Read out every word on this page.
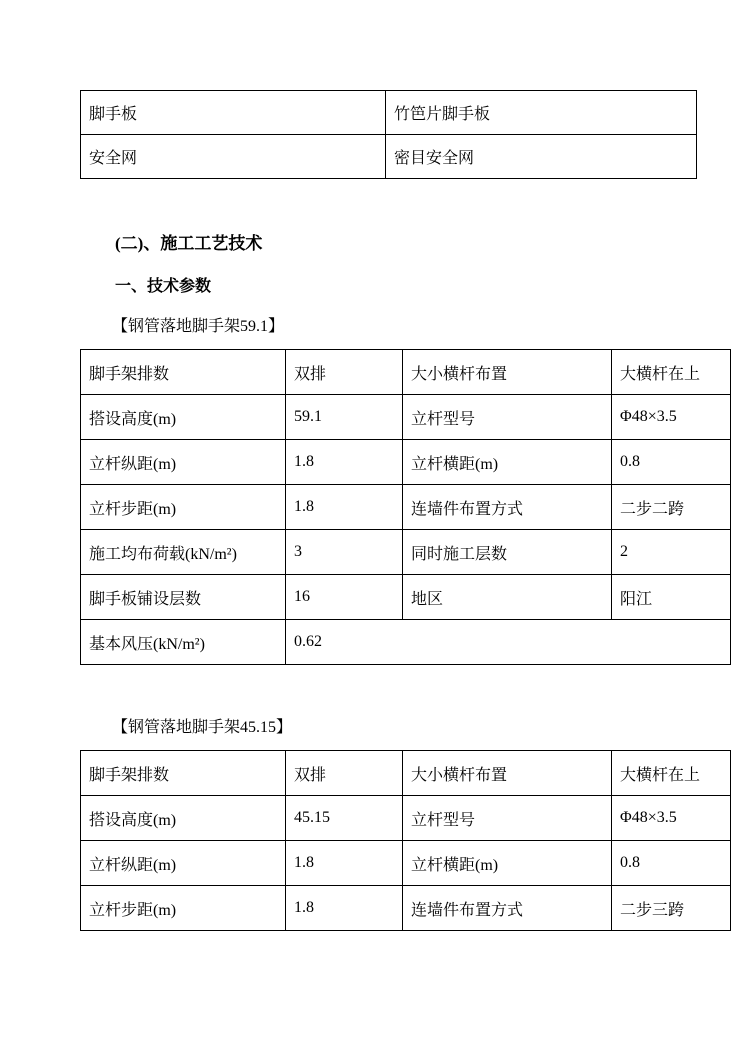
脚手板	竹笆片脚手板
安全网	密目安全网
(二)、施工工艺技术
一、技术参数
【钢管落地脚手架59.1】
脚手架排数	双排	大小横杆布置	大横杆在上
搭设高度(m)	59.1	立杆型号	Φ48×3.5
立杆纵距(m)	1.8	立杆横距(m)	0.8
立杆步距(m)	1.8	连墙件布置方式	二步二跨
施工均布荷载(kN/m²)	3	同时施工层数	2
脚手板铺设层数	16	地区	阳江
基本风压(kN/m²)	0.62		
【钢管落地脚手架45.15】
脚手架排数	双排	大小横杆布置	大横杆在上
搭设高度(m)	45.15	立杆型号	Φ48×3.5
立杆纵距(m)	1.8	立杆横距(m)	0.8
立杆步距(m)	1.8	连墙件布置方式	二步三跨
